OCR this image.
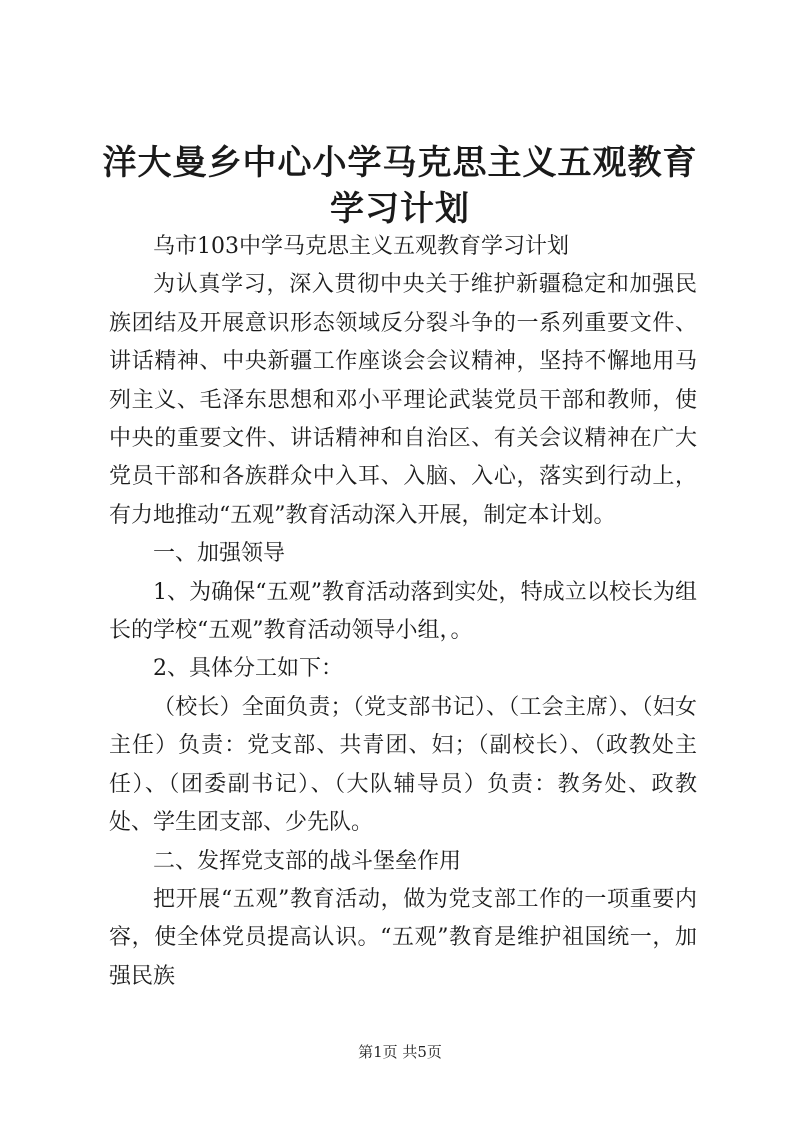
洋大曼乡中心小学马克思主义五观教育学习计划

乌市103中学马克思主义五观教育学习计划

为认真学习，深入贯彻中央关于维护新疆稳定和加强民族团结及开展意识形态领域反分裂斗争的一系列重要文件、讲话精神、中央新疆工作座谈会会议精神，坚持不懈地用马列主义、毛泽东思想和邓小平理论武装党员干部和教师，使中央的重要文件、讲话精神和自治区、有关会议精神在广大党员干部和各族群众中入耳、入脑、入心，落实到行动上，有力地推动“五观”教育活动深入开展，制定本计划。

一、加强领导

1、为确保“五观”教育活动落到实处，特成立以校长为组长的学校“五观”教育活动领导小组，。

2、具体分工如下：

（校长）全面负责；（党支部书记）、（工会主席）、（妇女主任）负责：党支部、共青团、妇；（副校长）、（政教处主任）、（团委副书记）、（大队辅导员）负责：教务处、政教处、学生团支部、少先队。

二、发挥党支部的战斗堡垒作用

把开展“五观”教育活动，做为党支部工作的一项重要内容，使全体党员提高认识。“五观”教育是维护祖国统一，加强民族

第1页 共5页
